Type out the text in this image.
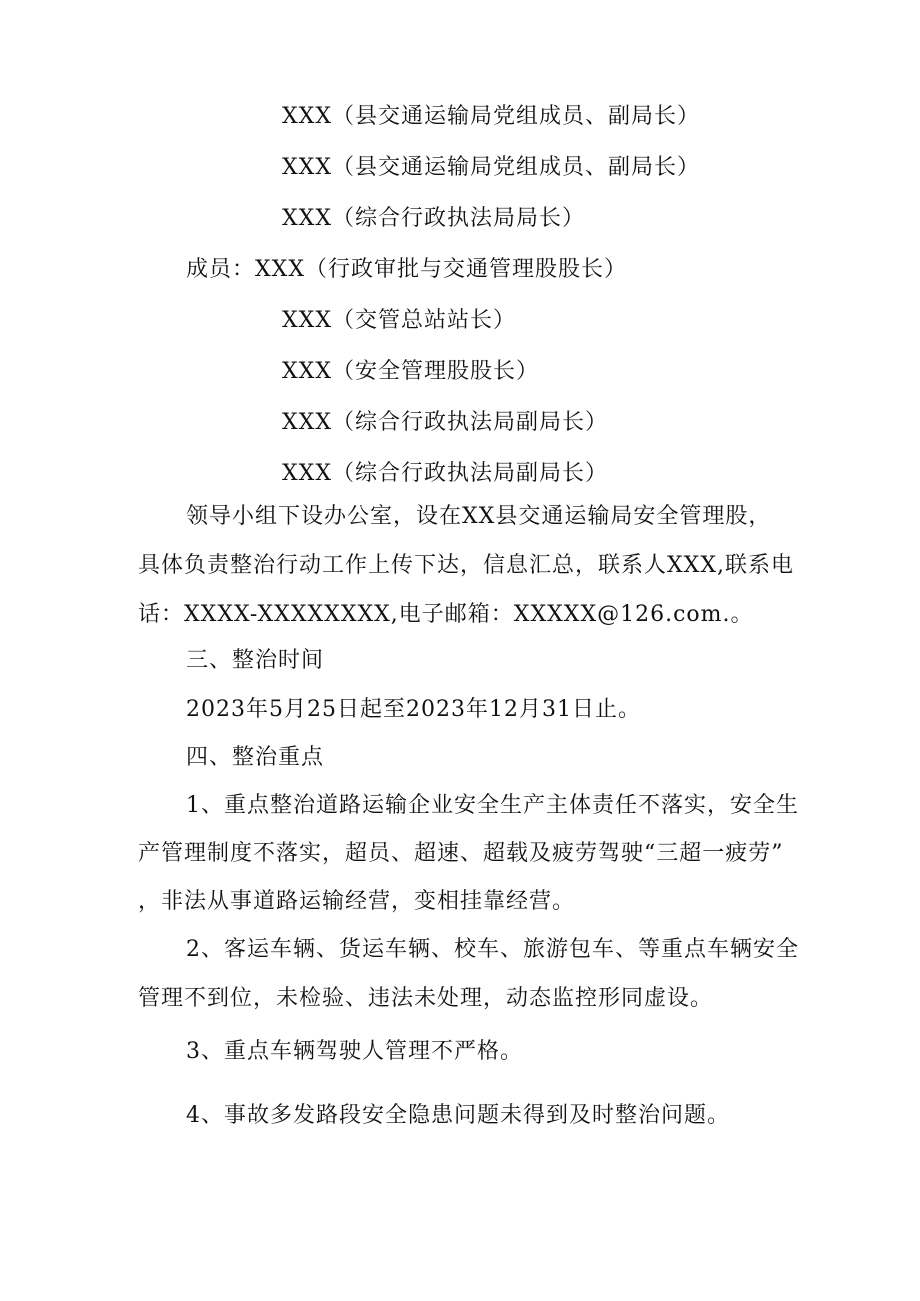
XXX（县交通运输局党组成员、副局长）
XXX（县交通运输局党组成员、副局长）
XXX（综合行政执法局局长）
成员：XXX（行政审批与交通管理股股长）
XXX（交管总站站长）
XXX（安全管理股股长）
XXX（综合行政执法局副局长）
XXX（综合行政执法局副局长）
领导小组下设办公室，设在XX县交通运输局安全管理股，
具体负责整治行动工作上传下达，信息汇总，联系人XXX,联系电
话：XXXX-XXXXXXXX,电子邮箱：XXXXX@126.com.。
三、整治时间
2023年5月25日起至2023年12月31日止。
四、整治重点
1、重点整治道路运输企业安全生产主体责任不落实，安全生
产管理制度不落实，超员、超速、超载及疲劳驾驶“三超一疲劳”
，非法从事道路运输经营，变相挂靠经营。
2、客运车辆、货运车辆、校车、旅游包车、等重点车辆安全
管理不到位，未检验、违法未处理，动态监控形同虚设。
3、重点车辆驾驶人管理不严格。
4、事故多发路段安全隐患问题未得到及时整治问题。
